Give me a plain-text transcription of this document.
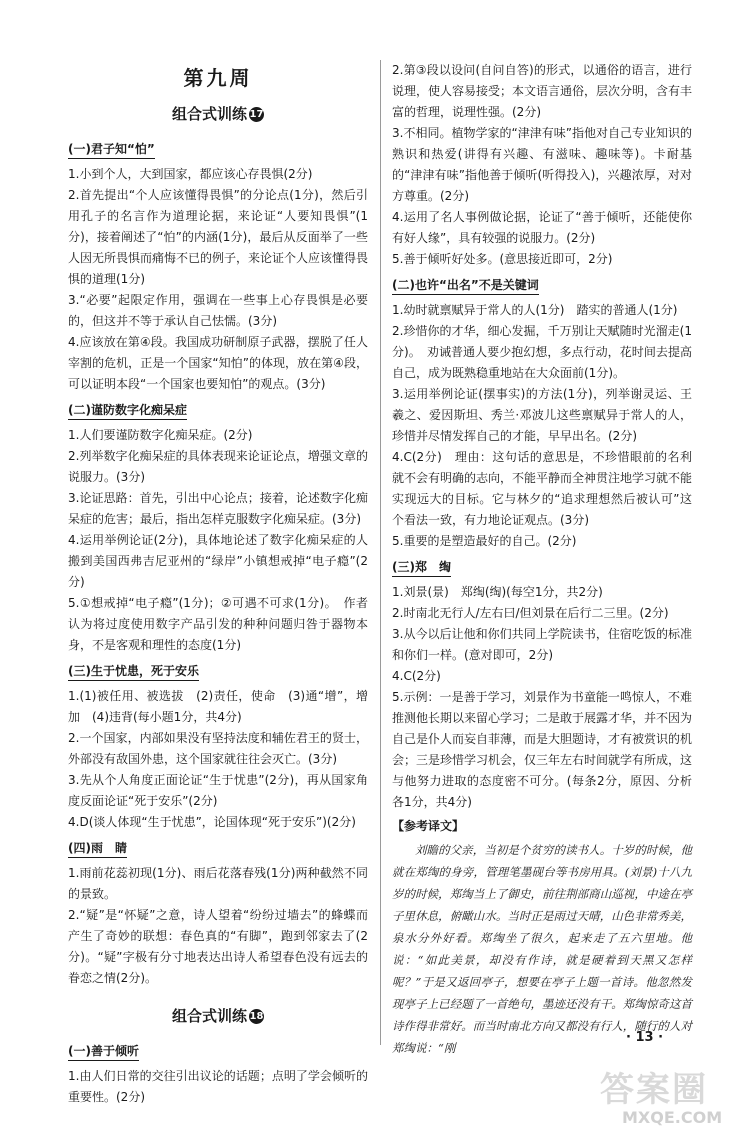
第九周
组合式训练 17
(一)君子知“怕”

1.小到个人，大到国家，都应该心存畏惧(2分)

2.首先提出“个人应该懂得畏惧”的分论点(1分)，然后引用孔子的名言作为道理论据，来论证“人要知畏惧”(1分)，接着阐述了“怕”的内涵(1分)，最后从反面举了一些人因无所畏惧而痛悔不已的例子，来论证个人应该懂得畏惧的道理(1分)

3.“必要”起限定作用，强调在一些事上心存畏惧是必要的，但这并不等于承认自己怯懦。(3分)

4.应该放在第④段。我国成功研制原子武器，摆脱了任人宰割的危机，正是一个国家“知怕”的体现，放在第④段，可以证明本段“一个国家也要知怕”的观点。(3分)

(二)谨防数字化痴呆症

1.人们要谨防数字化痴呆症。(2分)

2.列举数字化痴呆症的具体表现来论证论点，增强文章的说服力。(3分)

3.论证思路：首先，引出中心论点；接着，论述数字化痴呆症的危害；最后，指出怎样克服数字化痴呆症。(3分)

4.运用举例论证(2分)，具体地论述了数字化痴呆症的人搬到美国西弗吉尼亚州的“绿岸”小镇想戒掉“电子瘾”(2分)

5.①想戒掉“电子瘾”(1分)；②可遇不可求(1分)。　作者认为将过度使用数字产品引发的种种问题归咎于器物本身，不是客观和理性的态度(1分)

(三)生于忧患，死于安乐

1.(1)被任用、被选拔　(2)责任，使命　(3)通“增”，增加　(4)违背(每小题1分，共4分)

2.一个国家，内部如果没有坚持法度和辅佐君王的贤士，外部没有敌国外患，这个国家就往往会灭亡。(3分)

3.先从个人角度正面论证“生于忧患”(2分)，再从国家角度反面论证“死于安乐”(2分)

4.D(谈人体现“生于忧患”，论国体现“死于安乐”)(2分)

(四)雨　睛

1.雨前花蕊初现(1分)、雨后花落春残(1分)两种截然不同的景致。

2.“疑”是“怀疑”之意，诗人望着“纷纷过墙去”的蜂蝶而产生了奇妙的联想：春色真的“有脚”，跑到邻家去了(2分)。“疑”字极有分寸地表达出诗人希望春色没有远去的眷恋之情(2分)。

组合式训练 18
(一)善于倾听

1.由人们日常的交往引出议论的话题；点明了学会倾听的重要性。(2分)

2.第③段以设问(自问自答)的形式，以通俗的语言，进行说理，使人容易接受；本文语言通俗，层次分明，含有丰富的哲理，说理性强。(2分)

3.不相同。植物学家的“津津有味”指他对自己专业知识的熟识和热爱(讲得有兴趣、有滋味、趣味等)。卡耐基的“津津有味”指他善于倾听(听得投入)，兴趣浓厚，对对方尊重。(2分)

4.运用了名人事例做论据，论证了“善于倾听，还能使你有好人缘”，具有较强的说服力。(2分)

5.善于倾听好处多。(意思接近即可，2分)

(二)也许“出名”不是关键词

1.幼时就禀赋异于常人的人(1分)　踏实的普通人(1分)

2.珍惜你的才华，细心发掘，千万别让天赋随时光溜走(1分)。　劝诫普通人要少抱幻想，多点行动，花时间去提高自己，成为既熟稳重地站在大众面前(1分)。

3.运用举例论证(摆事实)的方法(1分)，列举谢灵运、王羲之、爱因斯坦、秀兰·邓波儿这些禀赋异于常人的人，珍惜并尽情发挥自己的才能，早早出名。(2分)

4.C(2分)　理由：这句话的意思是，不珍惜眼前的名利就不会有明确的志向，不能平静而全神贯注地学习就不能实现远大的目标。它与林夕的“追求理想然后被认可”这个看法一致，有力地论证观点。(3分)

5.重要的是塑造最好的自己。(2分)

(三)郑　绹

1.刘景(景)　郑绹(绹)(每空1分，共2分)

2.时南北无行人/左右曰/但刘景在后行二三里。(2分)

3.从今以后让他和你们共同上学院读书，住宿吃饭的标准和你们一样。(意对即可，2分)

4.C(2分)

5.示例：一是善于学习，刘景作为书童能一鸣惊人，不难推测他长期以来留心学习；二是敢于展露才华，并不因为自己是仆人而妄自菲薄，而是大胆题诗，才有被赏识的机会；三是珍惜学习机会，仅三年左右时间就学有所成，这与他努力进取的态度密不可分。(每条2分，原因、分析各1分，共4分)

【参考译文】

刘瞻的父亲，当初是个贫穷的读书人。十岁的时候，他就在郑绹的身旁，管理笔墨砚台等书房用具。(刘景)十八九岁的时候，郑绹当上了御史，前往荆部商山巡视，中途在亭子里休息，俯瞰山水。当时正是雨过天晴，山色非常秀美，泉水分外好看。郑绹坐了很久，起来走了五六里地。他说：“如此美景，却没有作诗，就是硬着到天黑又怎样呢？”于是又返回亭子，想要在亭子上题一首诗。他忽然发现亭子上已经题了一首绝句，墨迹还没有干。郑绹惊奇这首诗作得非常好。而当时南北方向又都没有行人，随行的人对郑绹说：“刚

· 13 ·
答案圈
MXQE.COM
